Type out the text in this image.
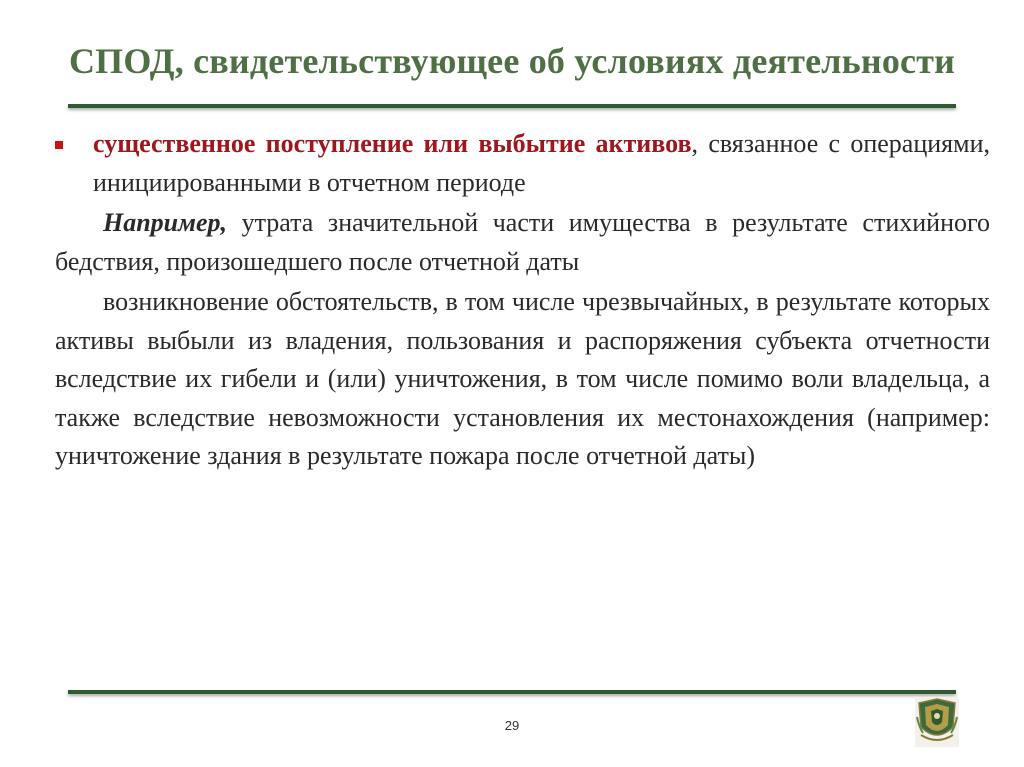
СПОД, свидетельствующее об условиях деятельности
существенное поступление или выбытие активов, связанное с операциями, инициированными в отчетном периоде
Например, утрата значительной части имущества в результате стихийного бедствия, произошедшего после отчетной даты
возникновение обстоятельств, в том числе чрезвычайных, в результате которых активы выбыли из владения, пользования и распоряжения субъекта отчетности вследствие их гибели и (или) уничтожения, в том числе помимо воли владельца, а также вследствие невозможности установления их местонахождения (например: уничтожение здания в результате пожара после отчетной даты)
29
